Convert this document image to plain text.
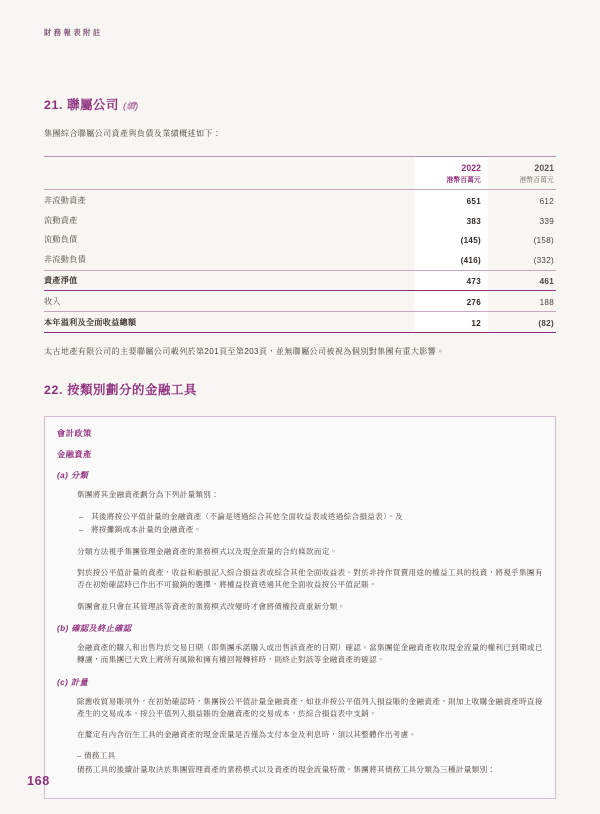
財務報表附註
21. 聯屬公司 (續)

集團綜合聯屬公司資產與負債及業績概述如下：

	2022	2021
	港幣百萬元	港幣百萬元

非流動資產	651	612
流動資產	383	339
流動負債	(145)	(158)
非流動負債	(416)	(332)
資產淨值	473	461
收入	276	188
本年溢利及全面收益總額	12	(82)

太古地產有限公司的主要聯屬公司載列於第201頁至第203頁，並無聯屬公司被視為個別對集團有重大影響。

22. 按類別劃分的金融工具
會計政策
金融資產
(a) 分類

集團將其金融資產劃分為下列計量類別：

– 其後將按公平值計量的金融資產（不論是透過綜合其他全面收益表或透過綜合損益表），及
– 將按攤銷成本計量的金融資產。

分類方法視乎集團管理金融資產的業務模式以及現金流量的合約條款而定。

對於按公平值計量的資產，收益和虧損記入綜合損益表或綜合其他全面收益表。對於非持作買賣用途的權益工具的投資，將視乎集團有否在初始確認時已作出不可撤銷的選擇，將權益投資透過其他全面收益按公平值記賬。

集團會並只會在其管理該等資產的業務模式改變時才會將債權投資重新分類。

(b) 確認及終止確認

金融資產的購入和出售均於交易日期（即集團承諾購入或出售該資產的日期）確認。當集團從金融資產收取現金流量的權利已到期或已轉讓，而集團已大致上將所有風險和擁有權回報轉移時，則終止對該等金融資產的確認。

(c) 計量

除應收貿易賬項外，在初始確認時，集團按公平值計量金融資產，如並非按公平值列入損益賬的金融資產，則加上收購金融資產時直接產生的交易成本。按公平值列入損益賬的金融資產的交易成本，於綜合損益表中支銷。

在釐定有內含衍生工具的金融資產的現金流量是否僅為支付本金及利息時，須以其整體作出考慮。

– 債務工具

債務工具的後續計量取決於集團管理資產的業務模式以及資產的現金流量特徵。集團將其債務工具分類為三種計量類別：

168
